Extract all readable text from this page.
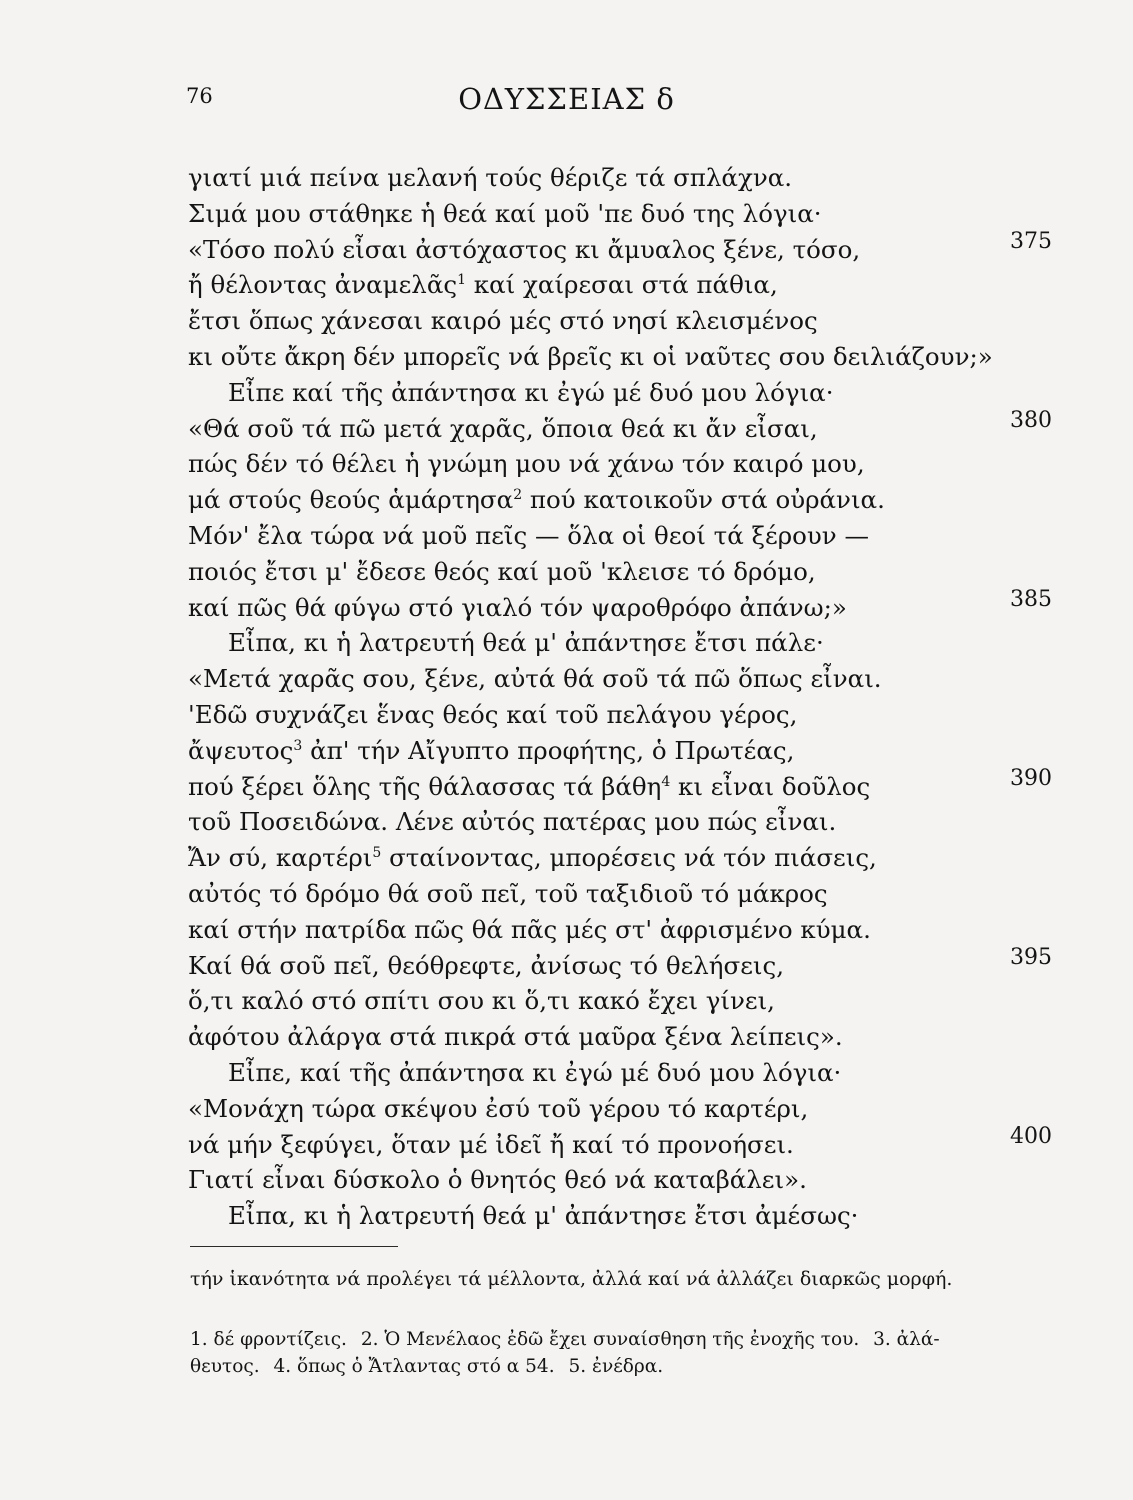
76	ΟΔΥΣΣΕΙΑΣ δ
γιατί μιά πείνα μελανή τούς θέριζε τά σπλάχνα.
Σιμά μου στάθηκε ἡ θεά καί μοῦ 'πε δυό της λόγια·
«Τόσο πολύ εἶσαι ἀστόχαστος κι ἄμυαλος ξένε, τόσο,	375
ἤ θέλοντας ἀναμελᾶς$^1$ καί χαίρεσαι στά πάθια,
ἔτσι ὅπως χάνεσαι καιρό μές στό νησί κλεισμένος
κι οὔτε ἄκρη δέν μπορεῖς νά βρεῖς κι οἱ ναῦτες σου δειλιάζουν;»
Εἶπε καί τῆς ἀπάντησα κι ἐγώ μέ δυό μου λόγια·
«Θά σοῦ τά πῶ μετά χαρᾶς, ὅποια θεά κι ἄν εἶσαι,	380
πώς δέν τό θέλει ἡ γνώμη μου νά χάνω τόν καιρό μου,
μά στούς θεούς ἁμάρτησα$^2$ πού κατοικοῦν στά οὐράνια.
Μόν' ἔλα τώρα νά μοῦ πεῖς — ὅλα οἱ θεοί τά ξέρουν —
ποιός ἔτσι μ' ἔδεσε θεός καί μοῦ 'κλεισε τό δρόμο,
καί πῶς θά φύγω στό γιαλό τόν ψαροθρόφο ἀπάνω;»	385
Εἶπα, κι ἡ λατρευτή θεά μ' ἀπάντησε ἔτσι πάλε·
«Μετά χαρᾶς σου, ξένε, αὐτά θά σοῦ τά πῶ ὅπως εἶναι.
'Εδῶ συχνάζει ἕνας θεός καί τοῦ πελάγου γέρος,
ἄψευτος$^3$ ἀπ' τήν Αἴγυπτο προφήτης, ὁ Πρωτέας,
πού ξέρει ὅλης τῆς θάλασσας τά βάθη$^4$ κι εἶναι δοῦλος	390
τοῦ Ποσειδώνα. Λένε αὐτός πατέρας μου πώς εἶναι.
Ἄν σύ, καρτέρι$^5$ σταίνοντας, μπορέσεις νά τόν πιάσεις,
αὐτός τό δρόμο θά σοῦ πεῖ, τοῦ ταξιδιοῦ τό μάκρος
καί στήν πατρίδα πῶς θά πᾶς μές στ' ἀφρισμένο κύμα.
Καί θά σοῦ πεῖ, θεόθρεφτε, ἀνίσως τό θελήσεις,	395
ὅ,τι καλό στό σπίτι σου κι ὅ,τι κακό ἔχει γίνει,
ἀφότου ἀλάργα στά πικρά στά μαῦρα ξένα λείπεις».
Εἶπε, καί τῆς ἀπάντησα κι ἐγώ μέ δυό μου λόγια·
«Μονάχη τώρα σκέψου ἐσύ τοῦ γέρου τό καρτέρι,
νά μήν ξεφύγει, ὅταν μέ ἰδεῖ ἤ καί τό προνοήσει.	400
Γιατί εἶναι δύσκολο ὁ θνητός θεό νά καταβάλει».
Εἶπα, κι ἡ λατρευτή θεά μ' ἀπάντησε ἔτσι ἀμέσως·
τήν ἱκανότητα νά προλέγει τά μέλλοντα, ἀλλά καί νά ἀλλάζει διαρκῶς μορφή.
1. δέ φροντίζεις. 2. Ὁ Μενέλαος ἐδῶ ἔχει συναίσθηση τῆς ἐνοχῆς του. 3. ἀλά-
θευτος. 4. ὅπως ὁ Ἄτλαντας στό α 54. 5. ἐνέδρα.
